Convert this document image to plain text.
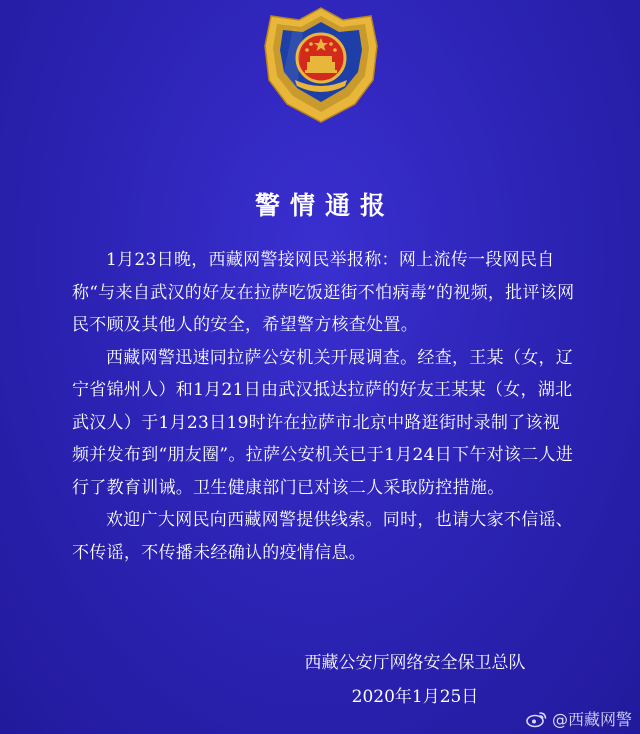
警情通报

1月23日晚，西藏网警接网民举报称：网上流传一段网民自称“与来自武汉的好友在拉萨吃饭逛街不怕病毒”的视频，批评该网民不顾及其他人的安全，希望警方核查处置。

西藏网警迅速同拉萨公安机关开展调查。经查，王某（女，辽宁省锦州人）和1月21日由武汉抵达拉萨的好友王某某（女，湖北武汉人）于1月23日19时许在拉萨市北京中路逛街时录制了该视频并发布到“朋友圈”。拉萨公安机关已于1月24日下午对该二人进行了教育训诫。卫生健康部门已对该二人采取防控措施。

欢迎广大网民向西藏网警提供线索。同时，也请大家不信谣、不传谣，不传播未经确认的疫情信息。

西藏公安厅网络安全保卫总队
2020年1月25日
@西藏网警
